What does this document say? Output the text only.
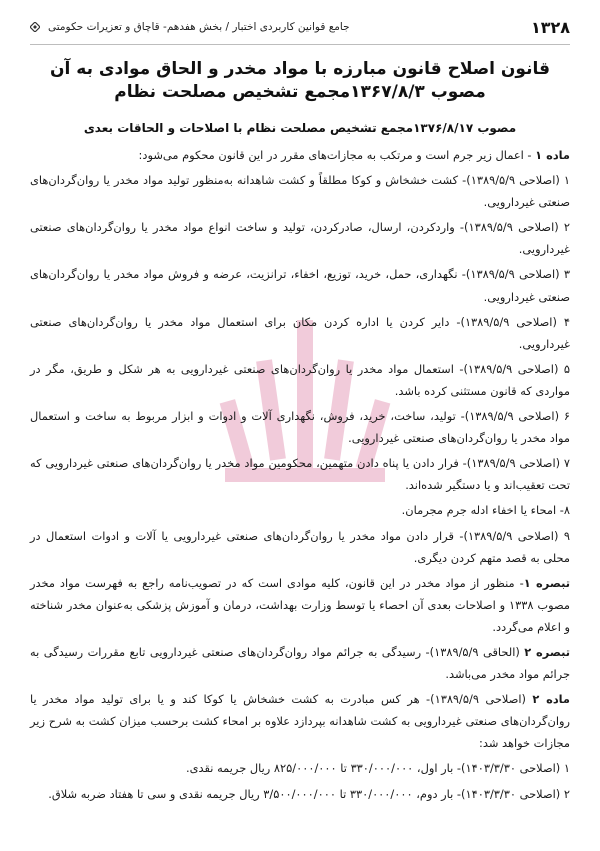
۱۳۲۸
جامع قوانین کاربردی اختبار / بخش هفدهم- قاچاق و تعزیرات حکومتی
قانون اصلاح قانون مبارزه با مواد مخدر و الحاق موادی به آن
مصوب ۱۳۶۷/۸/۳مجمع تشخیص مصلحت نظام
مصوب ۱۳۷۶/۸/۱۷مجمع تشخیص مصلحت نظام با اصلاحات و الحاقات بعدی

ماده ۱ - اعمال زیر جرم است و مرتکب به مجازات‌های مقرر در این قانون محکوم می‌شود:

۱ (اصلاحی ۱۳۸۹/۵/۹)- کشت خشخاش و کوکا مطلقاً و کشت شاهدانه به‌منظور تولید مواد مخدر یا روان‌گردان‌های صنعتی غیردارویی.

۲ (اصلاحی ۱۳۸۹/۵/۹)- واردکردن، ارسال، صادرکردن، تولید و ساخت انواع مواد مخدر یا روان‌گردان‌های صنعتی غیردارویی.

۳ (اصلاحی ۱۳۸۹/۵/۹)- نگهداری، حمل، خرید، توزیع، اخفاء، ترانزیت، عرضه و فروش مواد مخدر یا روان‌گردان‌های صنعتی غیردارویی.

۴ (اصلاحی ۱۳۸۹/۵/۹)- دایر کردن یا اداره کردن مکان برای استعمال مواد مخدر یا روان‌گردان‌های صنعتی غیردارویی.

۵ (اصلاحی ۱۳۸۹/۵/۹)- استعمال مواد مخدر یا روان‌گردان‌های صنعتی غیردارویی به هر شکل و طریق، مگر در مواردی که قانون مستثنی کرده باشد.

۶ (اصلاحی ۱۳۸۹/۵/۹)- تولید، ساخت، خرید، فروش، نگهداری آلات و ادوات و ابزار مربوط به ساخت و استعمال مواد مخدر یا روان‌گردان‌های صنعتی غیردارویی.

۷ (اصلاحی ۱۳۸۹/۵/۹)- فرار دادن یا پناه دادن متهمین، محکومین مواد مخدر یا روان‌گردان‌های صنعتی غیردارویی که تحت تعقیب‌اند و یا دستگیر شده‌اند.

۸- امحاء یا اخفاء ادله جرم مجرمان.

۹ (اصلاحی ۱۳۸۹/۵/۹)- قرار دادن مواد مخدر یا روان‌گردان‌های صنعتی غیردارویی یا آلات و ادوات استعمال در محلی به قصد متهم کردن دیگری.

تبصره ۱- منظور از مواد مخدر در این قانون، کلیه موادی است که در تصویب‌نامه راجع به فهرست مواد مخدر مصوب ۱۳۳۸ و اصلاحات بعدی آن احصاء یا توسط وزارت بهداشت، درمان و آموزش پزشکی به‌عنوان مخدر شناخته و اعلام می‌گردد.

تبصره ۲ (الحاقی ۱۳۸۹/۵/۹)- رسیدگی به جرائم مواد روان‌گردان‌های صنعتی غیردارویی تابع مقررات رسیدگی به جرائم مواد مخدر می‌باشد.

ماده ۲ (اصلاحی ۱۳۸۹/۵/۹)- هر کس مبادرت به کشت خشخاش یا کوکا کند و یا برای تولید مواد مخدر یا روان‌گردان‌های صنعتی غیردارویی به کشت شاهدانه بپردازد علاوه بر امحاء کشت برحسب میزان کشت به شرح زیر مجازات خواهد شد:

۱ (اصلاحی ۱۴۰۳/۳/۳۰)- بار اول، ۳۳۰/۰۰۰/۰۰۰ تا ۸۲۵/۰۰۰/۰۰۰ ریال جریمه نقدی.

۲ (اصلاحی ۱۴۰۳/۳/۳۰)- بار دوم، ۳۳۰/۰۰۰/۰۰۰ تا ۳/۵۰۰/۰۰۰/۰۰۰ ریال جریمه نقدی و سی تا هفتاد ضربه شلاق.
